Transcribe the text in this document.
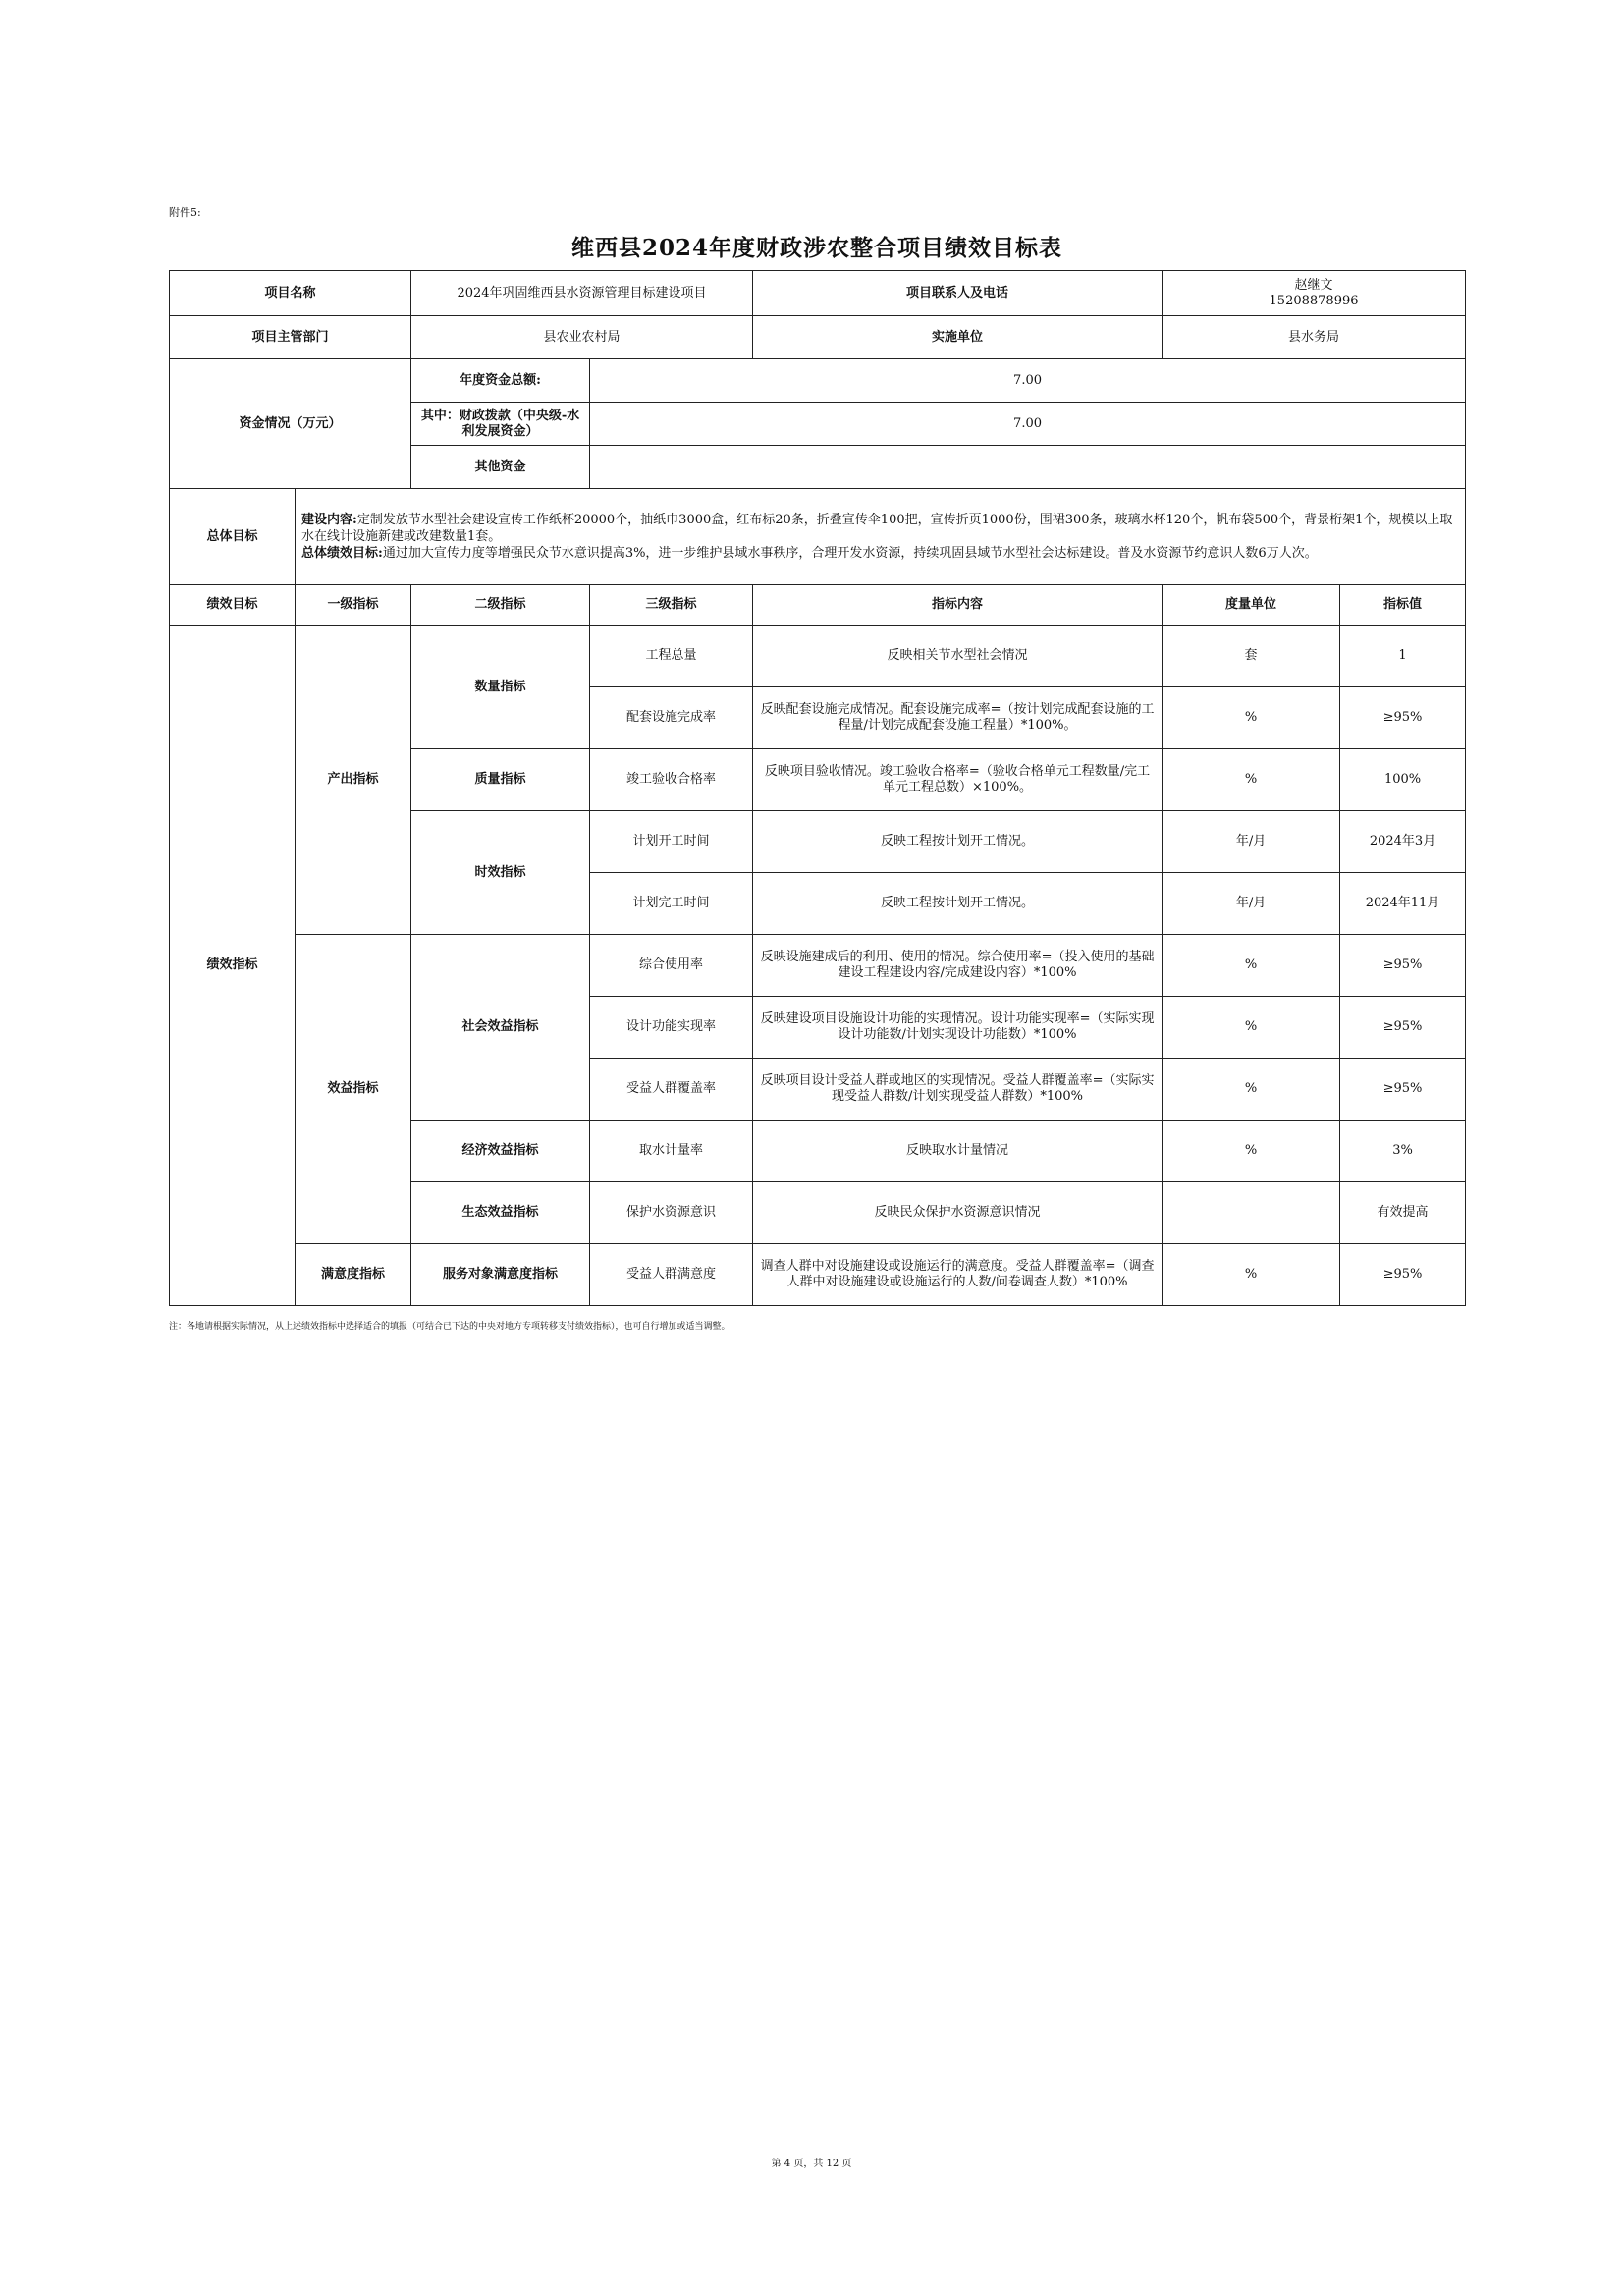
附件5:
维西县2024年度财政涉农整合项目绩效目标表
项目名称		2024年巩固维西县水资源管理目标建设项目		项目联系人及电话	赵继文
15208878996	

项目主管部门		县农业农村局		实施单位	县水务局	
资金情况（万元）		年度资金总额:	7.00			
		其中：财政拨款（中央级-水利发展资金）	7.00			
		其他资金				
总体目标	建设内容:定制发放节水型社会建设宣传工作纸杯20000个，抽纸巾3000盒，红布标20条，折叠宣传伞100把，宣传折页1000份，围裙300条，玻璃水杯120个，帆布袋500个，背景桁架1个，规模以上取水在线计设施新建或改建数量1套。
总体绩效目标:通过加大宣传力度等增强民众节水意识提高3%，进一步维护县域水事秩序，合理开发水资源，持续巩固县域节水型社会达标建设。普及水资源节约意识人数6万人次。					

绩效目标	一级指标	二级指标	三级指标	指标内容	度量单位	指标值
绩效指标	产出指标	数量指标	工程总量	反映相关节水型社会情况	套	1
			配套设施完成率	反映配套设施完成情况。配套设施完成率=（按计划完成配套设施的工程量/计划完成配套设施工程量）*100%。	%	≥95%
		质量指标	竣工验收合格率	反映项目验收情况。竣工验收合格率=（验收合格单元工程数量/完工单元工程总数）×100%。	%	100%
		时效指标	计划开工时间	反映工程按计划开工情况。	年/月	2024年3月
			计划完工时间	反映工程按计划开工情况。	年/月	2024年11月
	效益指标	社会效益指标	综合使用率	反映设施建成后的利用、使用的情况。综合使用率=（投入使用的基础建设工程建设内容/完成建设内容）*100%	%	≥95%
			设计功能实现率	反映建设项目设施设计功能的实现情况。设计功能实现率=（实际实现设计功能数/计划实现设计功能数）*100%	%	≥95%
			受益人群覆盖率	反映项目设计受益人群或地区的实现情况。受益人群覆盖率=（实际实现受益人群数/计划实现受益人群数）*100%	%	≥95%
		经济效益指标	取水计量率	反映取水计量情况	%	3%
		生态效益指标	保护水资源意识	反映民众保护水资源意识情况		有效提高
	满意度指标	服务对象满意度指标	受益人群满意度	调查人群中对设施建设或设施运行的满意度。受益人群覆盖率=（调查人群中对设施建设或设施运行的人数/问卷调查人数）*100%	%	≥95%
注：各地请根据实际情况，从上述绩效指标中选择适合的填报（可结合已下达的中央对地方专项转移支付绩效指标），也可自行增加或适当调整。
第 4 页，共 12 页
